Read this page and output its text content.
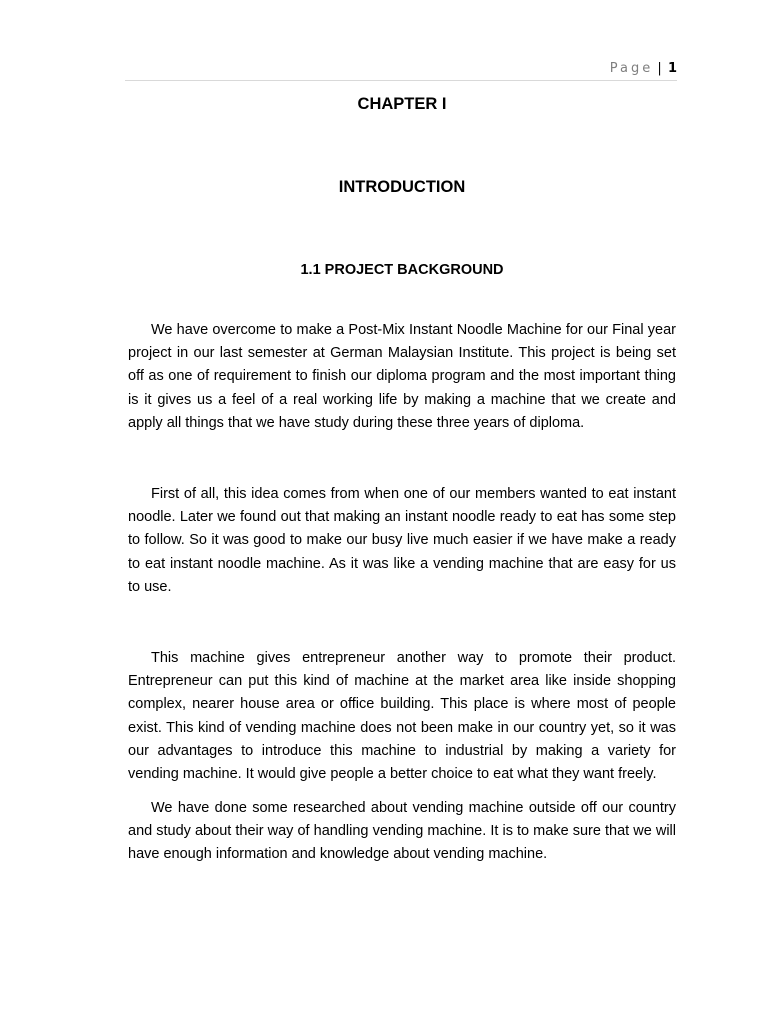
Page | 1
CHAPTER I
INTRODUCTION
1.1 PROJECT BACKGROUND

We have overcome to make a Post-Mix Instant Noodle Machine for our Final year project in our last semester at German Malaysian Institute. This project is being set off as one of requirement to finish our diploma program and the most important thing is it gives us a feel of a real working life by making a machine that we create and apply all things that we have study during these three years of diploma.

First of all, this idea comes from when one of our members wanted to eat instant noodle. Later we found out that making an instant noodle ready to eat has some step to follow. So it was good to make our busy live much easier if we have make a ready to eat instant noodle machine. As it was like a vending machine that are easy for us to use.

This machine gives entrepreneur another way to promote their product. Entrepreneur can put this kind of machine at the market area like inside shopping complex, nearer house area or office building. This place is where most of people exist. This kind of vending machine does not been make in our country yet, so it was our advantages to introduce this machine to industrial by making a variety for vending machine. It would give people a better choice to eat what they want freely.

We have done some researched about vending machine outside off our country and study about their way of handling vending machine. It is to make sure that we will have enough information and knowledge about vending machine.
